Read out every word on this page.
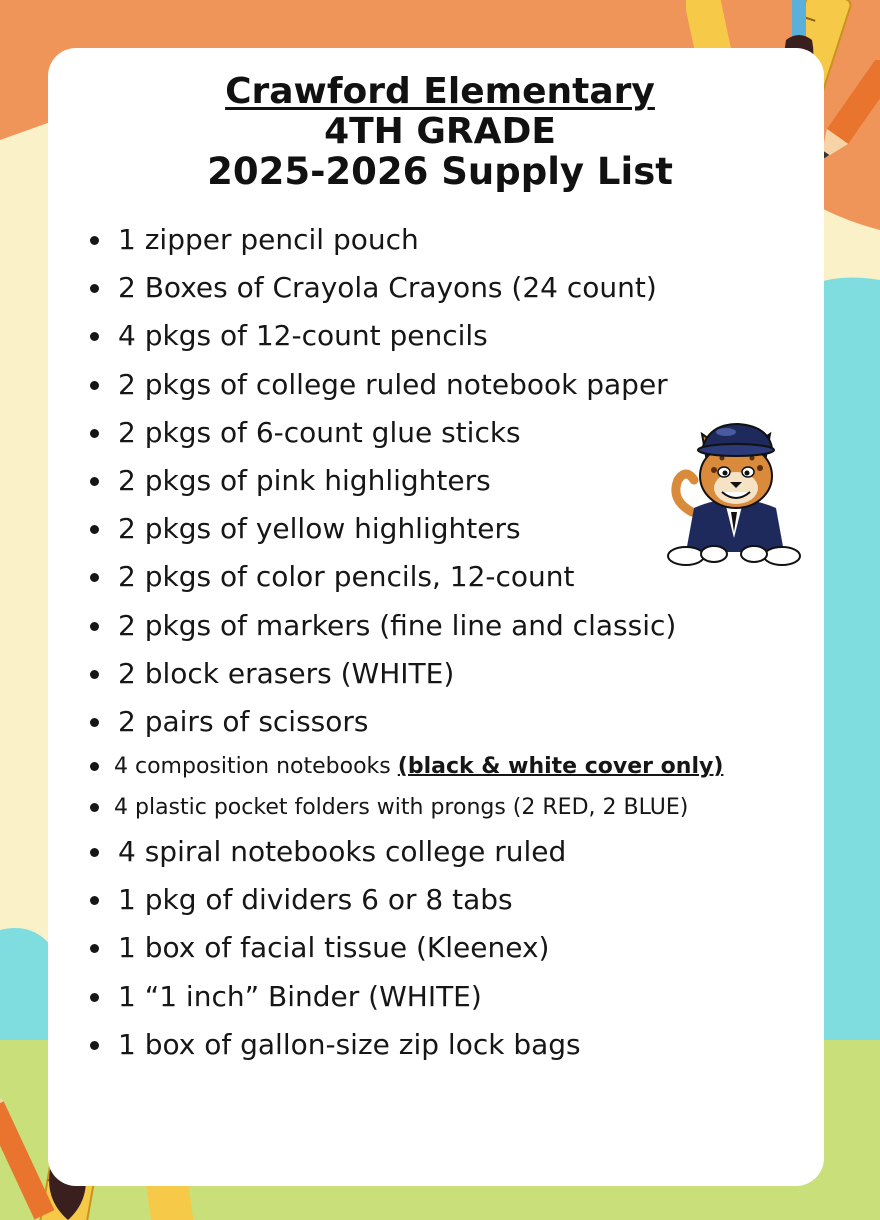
Crawford Elementary
4TH GRADE
2025-2026 Supply List
1 zipper pencil pouch
2 Boxes of Crayola Crayons (24 count)
4 pkgs of 12-count pencils
2 pkgs of college ruled notebook paper
2 pkgs of 6-count glue sticks
2 pkgs of pink highlighters
2 pkgs of yellow highlighters
2 pkgs of color pencils, 12-count
2 pkgs of markers (fine line and classic)
2 block erasers (WHITE)
2 pairs of scissors
4 composition notebooks (black & white cover only)
4 plastic pocket folders with prongs (2 RED, 2 BLUE)
4 spiral notebooks college ruled
1 pkg of dividers 6 or 8 tabs
1 box of facial tissue (Kleenex)
1 “1 inch” Binder (WHITE)
1 box of gallon-size zip lock bags
